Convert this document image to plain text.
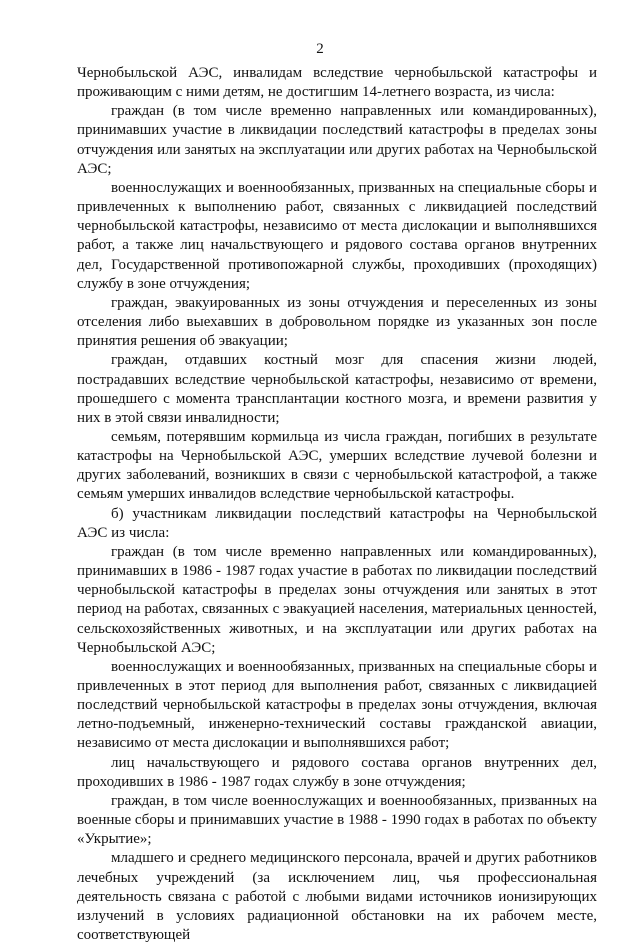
2

Чернобыльской АЭС, инвалидам вследствие чернобыльской катастрофы и проживающим с ними детям, не достигшим 14-летнего возраста, из числа:

граждан (в том числе временно направленных или командированных), принимавших участие в ликвидации последствий катастрофы в пределах зоны отчуждения или занятых на эксплуатации или других работах на Чернобыльской АЭС;

военнослужащих и военнообязанных, призванных на специальные сборы и привлеченных к выполнению работ, связанных с ликвидацией последствий чернобыльской катастрофы, независимо от места дислокации и выполнявшихся работ, а также лиц начальствующего и рядового состава органов внутренних дел, Государственной противопожарной службы, проходивших (проходящих) службу в зоне отчуждения;

граждан, эвакуированных из зоны отчуждения и переселенных из зоны отселения либо выехавших в добровольном порядке из указанных зон после принятия решения об эвакуации;

граждан, отдавших костный мозг для спасения жизни людей, пострадавших вследствие чернобыльской катастрофы, независимо от времени, прошедшего с момента трансплантации костного мозга, и времени развития у них в этой связи инвалидности;

семьям, потерявшим кормильца из числа граждан, погибших в результате катастрофы на Чернобыльской АЭС, умерших вследствие лучевой болезни и других заболеваний, возникших в связи с чернобыльской катастрофой, а также семьям умерших инвалидов вследствие чернобыльской катастрофы.

б) участникам ликвидации последствий катастрофы на Чернобыльской АЭС из числа:

граждан (в том числе временно направленных или командированных), принимавших в 1986 - 1987 годах участие в работах по ликвидации последствий чернобыльской катастрофы в пределах зоны отчуждения или занятых в этот период на работах, связанных с эвакуацией населения, материальных ценностей, сельскохозяйственных животных, и на эксплуатации или других работах на Чернобыльской АЭС;

военнослужащих и военнообязанных, призванных на специальные сборы и привлеченных в этот период для выполнения работ, связанных с ликвидацией последствий чернобыльской катастрофы в пределах зоны отчуждения, включая летно-подъемный, инженерно-технический составы гражданской авиации, независимо от места дислокации и выполнявшихся работ;

лиц начальствующего и рядового состава органов внутренних дел, проходивших в 1986 - 1987 годах службу в зоне отчуждения;

граждан, в том числе военнослужащих и военнообязанных, призванных на военные сборы и принимавших участие в 1988 - 1990 годах в работах по объекту «Укрытие»;

младшего и среднего медицинского персонала, врачей и других работников лечебных учреждений (за исключением лиц, чья профессиональная деятельность связана с работой с любыми видами источников ионизирующих излучений в условиях радиационной обстановки на их рабочем месте, соответствующей
